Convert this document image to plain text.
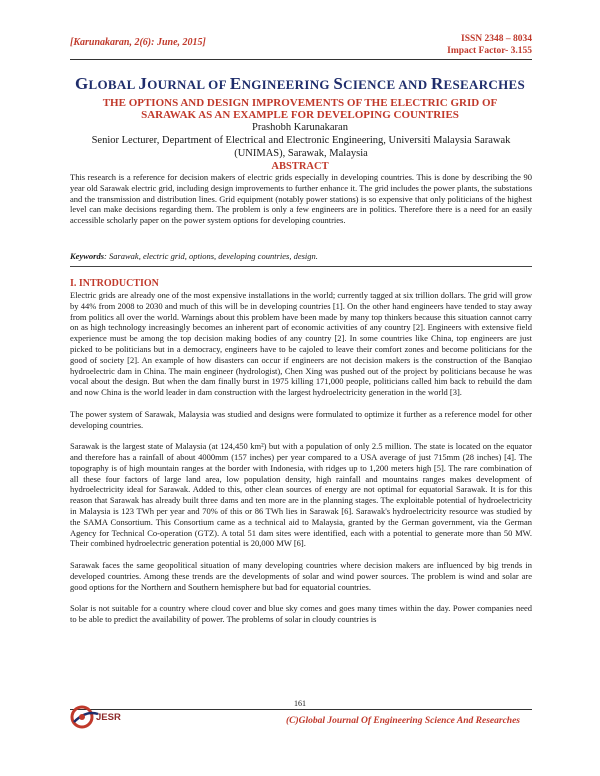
[Karunakaran, 2(6): June, 2015]	ISSN 2348 – 8034
Impact Factor- 3.155
GLOBAL JOURNAL OF ENGINEERING SCIENCE AND RESEARCHES
THE OPTIONS AND DESIGN IMPROVEMENTS OF THE ELECTRIC GRID OF SARAWAK AS AN EXAMPLE FOR DEVELOPING COUNTRIES
Prashobh Karunakaran
Senior Lecturer, Department of Electrical and Electronic Engineering, Universiti Malaysia Sarawak (UNIMAS), Sarawak, Malaysia
ABSTRACT
This research is a reference for decision makers of electric grids especially in developing countries. This is done by describing the 90 year old Sarawak electric grid, including design improvements to further enhance it. The grid includes the power plants, the substations and the transmission and distribution lines. Grid equipment (notably power stations) is so expensive that only politicians of the highest level can make decisions regarding them. The problem is only a few engineers are in politics. Therefore there is a need for an easily accessible scholarly paper on the power system options for developing countries.
Keywords: Sarawak, electric grid, options, developing countries, design.
I. INTRODUCTION

Electric grids are already one of the most expensive installations in the world; currently tagged at six trillion dollars. The grid will grow by 44% from 2008 to 2030 and much of this will be in developing countries [1]. On the other hand engineers have tended to stay away from politics all over the world. Warnings about this problem have been made by many top thinkers because this situation cannot carry on as high technology increasingly becomes an inherent part of economic activities of any country [2]. Engineers with extensive field experience must be among the top decision making bodies of any country [2]. In some countries like China, top engineers are just picked to be politicians but in a democracy, engineers have to be cajoled to leave their comfort zones and become politicians for the good of society [2]. An example of how disasters can occur if engineers are not decision makers is the construction of the Banqiao hydroelectric dam in China. The main engineer (hydrologist), Chen Xing was pushed out of the project by politicians because he was vocal about the design. But when the dam finally burst in 1975 killing 171,000 people, politicians called him back to rebuild the dam and now China is the world leader in dam construction with the largest hydroelectricity generation in the world [3].

The power system of Sarawak, Malaysia was studied and designs were formulated to optimize it further as a reference model for other developing countries.

Sarawak is the largest state of Malaysia (at 124,450 km²) but with a population of only 2.5 million. The state is located on the equator and therefore has a rainfall of about 4000mm (157 inches) per year compared to a USA average of just 715mm (28 inches) [4]. The topography is of high mountain ranges at the border with Indonesia, with ridges up to 1,200 meters high [5]. The rare combination of all these four factors of large land area, low population density, high rainfall and mountains ranges makes development of hydroelectricity ideal for Sarawak. Added to this, other clean sources of energy are not optimal for equatorial Sarawak. It is for this reason that Sarawak has already built three dams and ten more are in the planning stages. The exploitable potential of hydroelectricity in Malaysia is 123 TWh per year and 70% of this or 86 TWh lies in Sarawak [6]. Sarawak's hydroelectricity resource was studied by the SAMA Consortium. This Consortium came as a technical aid to Malaysia, granted by the German government, via the German Agency for Technical Co-operation (GTZ). A total 51 dam sites were identified, each with a potential to generate more than 50 MW. Their combined hydroelectric generation potential is 20,000 MW [6].

Sarawak faces the same geopolitical situation of many developing countries where decision makers are influenced by big trends in developed countries. Among these trends are the developments of solar and wind power sources. The problem is wind and solar are good options for the Northern and Southern hemisphere but bad for equatorial countries.

Solar is not suitable for a country where cloud cover and blue sky comes and goes many times within the day. Power companies need to be able to predict the availability of power. The problems of solar in cloudy countries is

161
JESR	(C)Global Journal Of Engineering Science And Researches
